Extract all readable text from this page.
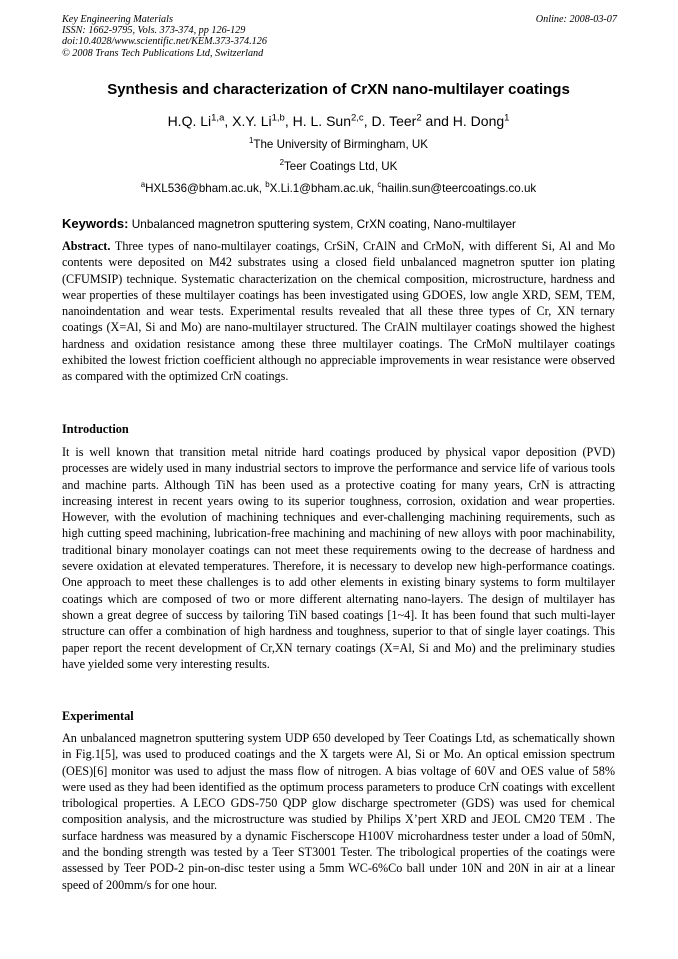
Key Engineering Materials
ISSN: 1662-9795, Vols. 373-374, pp 126-129
doi:10.4028/www.scientific.net/KEM.373-374.126
© 2008 Trans Tech Publications Ltd, Switzerland
Online: 2008-03-07
Synthesis and characterization of CrXN nano-multilayer coatings
H.Q. Li$^{1,a}$, X.Y. Li$^{1,b}$, H. L. Sun$^{2,c}$, D. Teer$^2$ and H. Dong$^1$
$^1$The University of Birmingham, UK
$^2$Teer Coatings Ltd, UK
$^a$HXL536@bham.ac.uk, $^b$X.Li.1@bham.ac.uk, $^c$hailin.sun@teercoatings.co.uk
Keywords: Unbalanced magnetron sputtering system, CrXN coating, Nano-multilayer
Abstract. Three types of nano-multilayer coatings, CrSiN, CrAlN and CrMoN, with different Si, Al and Mo contents were deposited on M42 substrates using a closed field unbalanced magnetron sputter ion plating (CFUMSIP) technique. Systematic characterization on the chemical composition, microstructure, hardness and wear properties of these multilayer coatings has been investigated using GDOES, low angle XRD, SEM, TEM, nanoindentation and wear tests. Experimental results revealed that all these three types of Cr, XN ternary coatings (X=Al, Si and Mo) are nano-multilayer structured. The CrAlN multilayer coatings showed the highest hardness and oxidation resistance among these three multilayer coatings. The CrMoN multilayer coatings exhibited the lowest friction coefficient although no appreciable improvements in wear resistance were observed as compared with the optimized CrN coatings.
Introduction
It is well known that transition metal nitride hard coatings produced by physical vapor deposition (PVD) processes are widely used in many industrial sectors to improve the performance and service life of various tools and machine parts. Although TiN has been used as a protective coating for many years, CrN is attracting increasing interest in recent years owing to its superior toughness, corrosion, oxidation and wear properties. However, with the evolution of machining techniques and ever-challenging machining requirements, such as high cutting speed machining, lubrication-free machining and machining of new alloys with poor machinability, traditional binary monolayer coatings can not meet these requirements owing to the decrease of hardness and severe oxidation at elevated temperatures. Therefore, it is necessary to develop new high-performance coatings. One approach to meet these challenges is to add other elements in existing binary systems to form multilayer coatings which are composed of two or more different alternating nano-layers. The design of multilayer has shown a great degree of success by tailoring TiN based coatings [1~4]. It has been found that such multi-layer structure can offer a combination of high hardness and toughness, superior to that of single layer coatings. This paper report the recent development of Cr,XN ternary coatings (X=Al, Si and Mo) and the preliminary studies have yielded some very interesting results.
Experimental
An unbalanced magnetron sputtering system UDP 650 developed by Teer Coatings Ltd, as schematically shown in Fig.1[5], was used to produced coatings and the X targets were Al, Si or Mo. An optical emission spectrum (OES)[6] monitor was used to adjust the mass flow of nitrogen. A bias voltage of 60V and OES value of 58% were used as they had been identified as the optimum process parameters to produce CrN coatings with excellent tribological properties. A LECO GDS-750 QDP glow discharge spectrometer (GDS) was used for chemical composition analysis, and the microstructure was studied by Philips X’pert XRD and JEOL CM20 TEM . The surface hardness was measured by a dynamic Fischerscope H100V microhardness tester under a load of 50mN, and the bonding strength was tested by a Teer ST3001 Tester. The tribological properties of the coatings were assessed by Teer POD-2 pin-on-disc tester using a 5mm WC-6%Co ball under 10N and 20N in air at a linear speed of 200mm/s for one hour.
